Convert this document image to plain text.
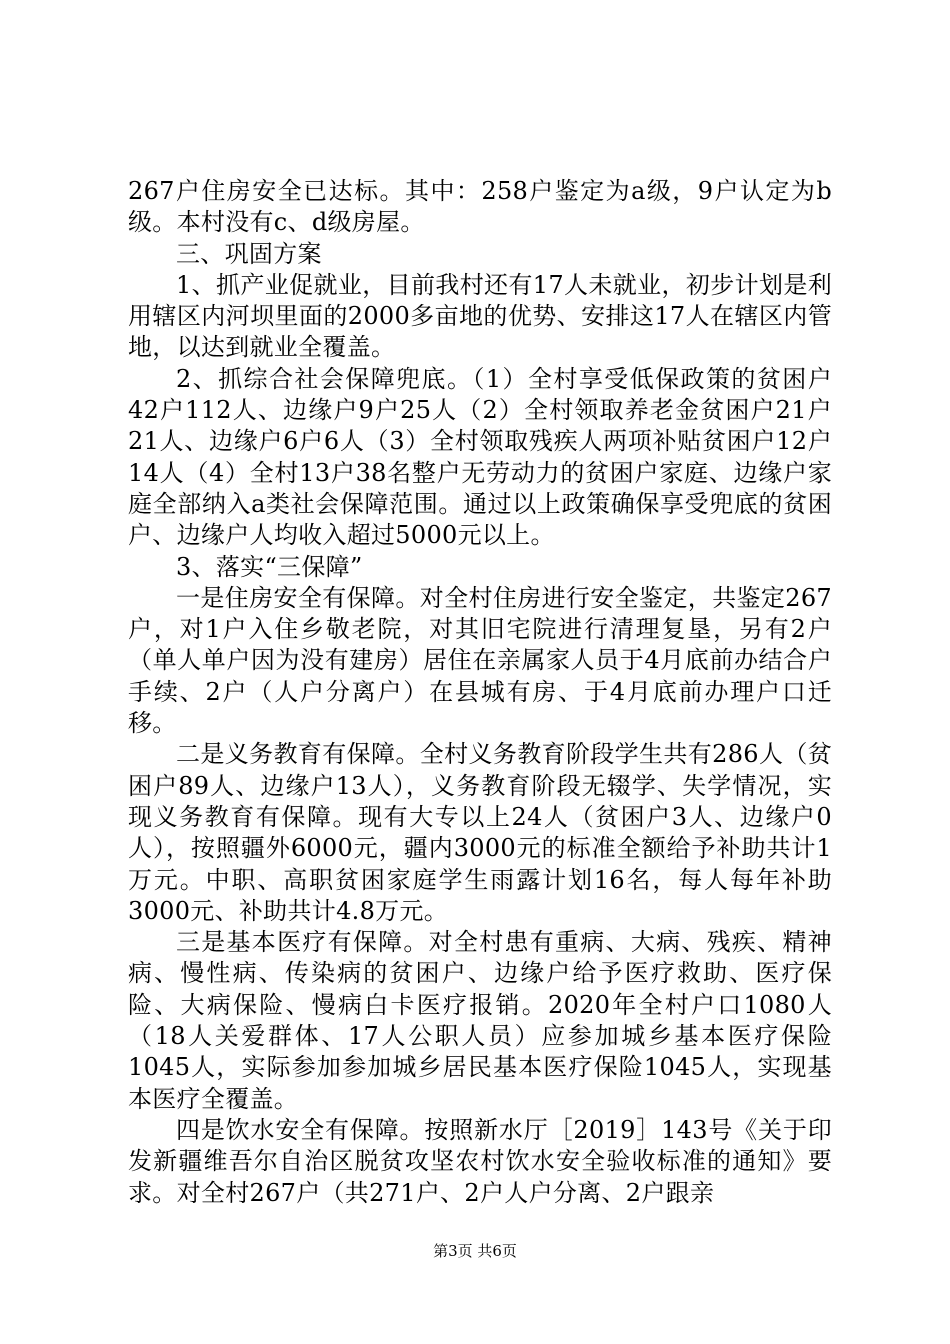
267户住房安全已达标。其中：258户鉴定为a级，9户认定为b级。本村没有c、d级房屋。

三、巩固方案

1、抓产业促就业，目前我村还有17人未就业，初步计划是利用辖区内河坝里面的2000多亩地的优势、安排这17人在辖区内管地，以达到就业全覆盖。

2、抓综合社会保障兜底。（1）全村享受低保政策的贫困户42户112人、边缘户9户25人（2）全村领取养老金贫困户21户21人、边缘户6户6人（3）全村领取残疾人两项补贴贫困户12户14人（4）全村13户38名整户无劳动力的贫困户家庭、边缘户家庭全部纳入a类社会保障范围。通过以上政策确保享受兜底的贫困户、边缘户人均收入超过5000元以上。

3、落实“三保障”

一是住房安全有保障。对全村住房进行安全鉴定，共鉴定267户，对1户入住乡敬老院，对其旧宅院进行清理复垦，另有2户（单人单户因为没有建房）居住在亲属家人员于4月底前办结合户手续、2户（人户分离户）在县城有房、于4月底前办理户口迁移。

二是义务教育有保障。全村义务教育阶段学生共有286人（贫困户89人、边缘户13人），义务教育阶段无辍学、失学情况，实现义务教育有保障。现有大专以上24人（贫困户3人、边缘户0人），按照疆外6000元，疆内3000元的标准全额给予补助共计1万元。中职、高职贫困家庭学生雨露计划16名，每人每年补助3000元、补助共计4.8万元。

三是基本医疗有保障。对全村患有重病、大病、残疾、精神病、慢性病、传染病的贫困户、边缘户给予医疗救助、医疗保险、大病保险、慢病白卡医疗报销。2020年全村户口1080人（18人关爱群体、17人公职人员）应参加城乡基本医疗保险1045人，实际参加参加城乡居民基本医疗保险1045人，实现基本医疗全覆盖。

四是饮水安全有保障。按照新水厅［2019］143号《关于印发新疆维吾尔自治区脱贫攻坚农村饮水安全验收标准的通知》要求。对全村267户（共271户、2户人户分离、2户跟亲

第3页 共6页
